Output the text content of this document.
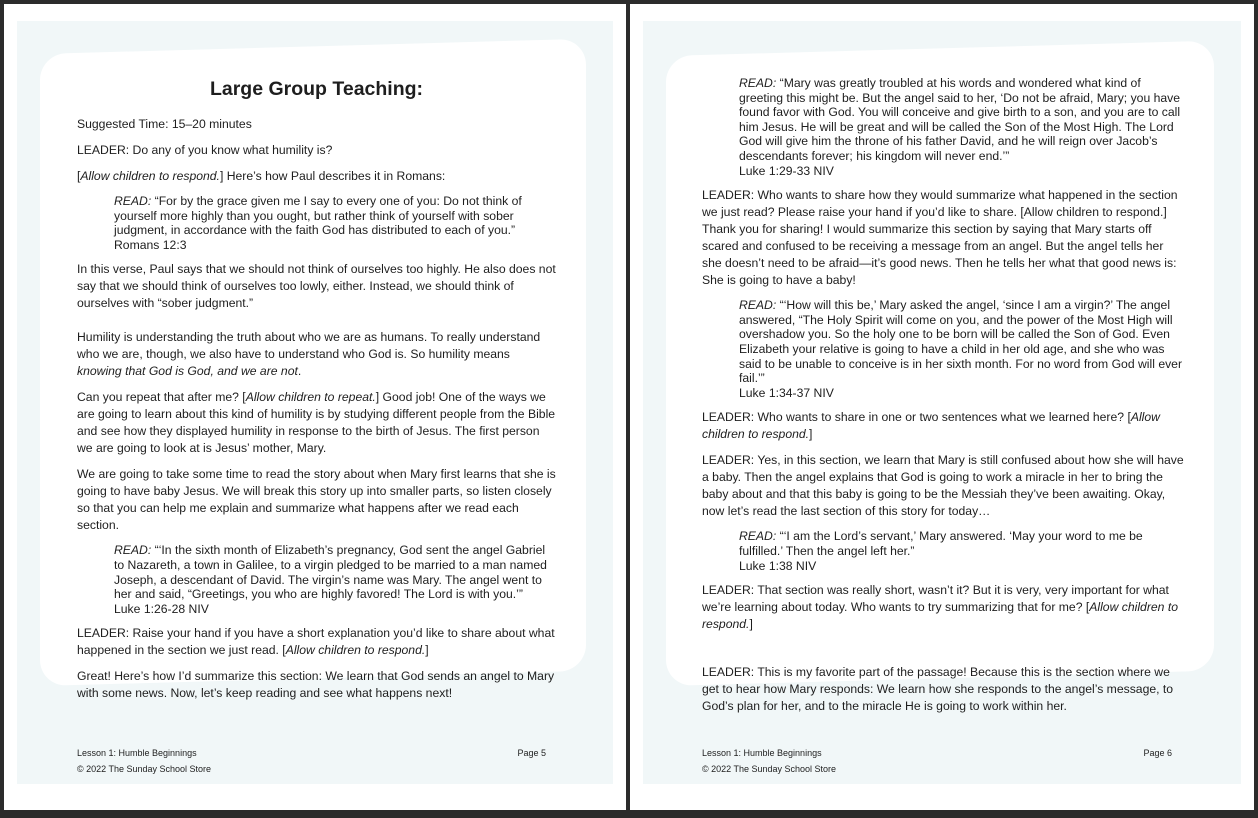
Large Group Teaching:

Suggested Time: 15–20 minutes

LEADER: Do any of you know what humility is?

[Allow children to respond.] Here’s how Paul describes it in Romans:

READ: “For by the grace given me I say to every one of you: Do not think of yourself more highly than you ought, but rather think of yourself with sober judgment, in accordance with the faith God has distributed to each of you.”
Romans 12:3

In this verse, Paul says that we should not think of ourselves too highly. He also does not say that we should think of ourselves too lowly, either. Instead, we should think of ourselves with “sober judgment.”

Humility is understanding the truth about who we are as humans. To really understand who we are, though, we also have to understand who God is. So humility means knowing that God is God, and we are not.

Can you repeat that after me? [Allow children to repeat.] Good job! One of the ways we are going to learn about this kind of humility is by studying different people from the Bible and see how they displayed humility in response to the birth of Jesus. The first person we are going to look at is Jesus’ mother, Mary.

We are going to take some time to read the story about when Mary first learns that she is going to have baby Jesus. We will break this story up into smaller parts, so listen closely so that you can help me explain and summarize what happens after we read each section.

READ: “‘In the sixth month of Elizabeth’s pregnancy, God sent the angel Gabriel to Nazareth, a town in Galilee, to a virgin pledged to be married to a man named Joseph, a descendant of David. The virgin’s name was Mary. The angel went to her and said, “Greetings, you who are highly favored! The Lord is with you.’”
Luke 1:26-28 NIV

LEADER: Raise your hand if you have a short explanation you’d like to share about what happened in the section we just read. [Allow children to respond.]

Great! Here’s how I’d summarize this section: We learn that God sends an angel to Mary with some news. Now, let’s keep reading and see what happens next!

Lesson 1: Humble Beginnings	Page 5
© 2022 The Sunday School Store
READ: “Mary was greatly troubled at his words and wondered what kind of greeting this might be. But the angel said to her, ‘Do not be afraid, Mary; you have found favor with God. You will conceive and give birth to a son, and you are to call him Jesus. He will be great and will be called the Son of the Most High. The Lord God will give him the throne of his father David, and he will reign over Jacob’s descendants forever; his kingdom will never end.’”
Luke 1:29-33 NIV

LEADER: Who wants to share how they would summarize what happened in the section we just read? Please raise your hand if you’d like to share. [Allow children to respond.] Thank you for sharing! I would summarize this section by saying that Mary starts off scared and confused to be receiving a message from an angel. But the angel tells her she doesn’t need to be afraid—it’s good news. Then he tells her what that good news is: She is going to have a baby!

READ: “‘How will this be,’ Mary asked the angel, ‘since I am a virgin?’ The angel answered, “The Holy Spirit will come on you, and the power of the Most High will overshadow you. So the holy one to be born will be called the Son of God. Even Elizabeth your relative is going to have a child in her old age, and she who was said to be unable to conceive is in her sixth month. For no word from God will ever fail.’”
Luke 1:34-37 NIV

LEADER: Who wants to share in one or two sentences what we learned here? [Allow children to respond.]

LEADER: Yes, in this section, we learn that Mary is still confused about how she will have a baby. Then the angel explains that God is going to work a miracle in her to bring the baby about and that this baby is going to be the Messiah they’ve been awaiting. Okay, now let’s read the last section of this story for today…

READ: “‘I am the Lord’s servant,’ Mary answered. ‘May your word to me be fulfilled.’ Then the angel left her.”
Luke 1:38 NIV

LEADER: That section was really short, wasn’t it? But it is very, very important for what we’re learning about today. Who wants to try summarizing that for me? [Allow children to respond.]

LEADER: This is my favorite part of the passage! Because this is the section where we get to hear how Mary responds: We learn how she responds to the angel’s message, to God’s plan for her, and to the miracle He is going to work within her.

Lesson 1: Humble Beginnings	Page 6
© 2022 The Sunday School Store
